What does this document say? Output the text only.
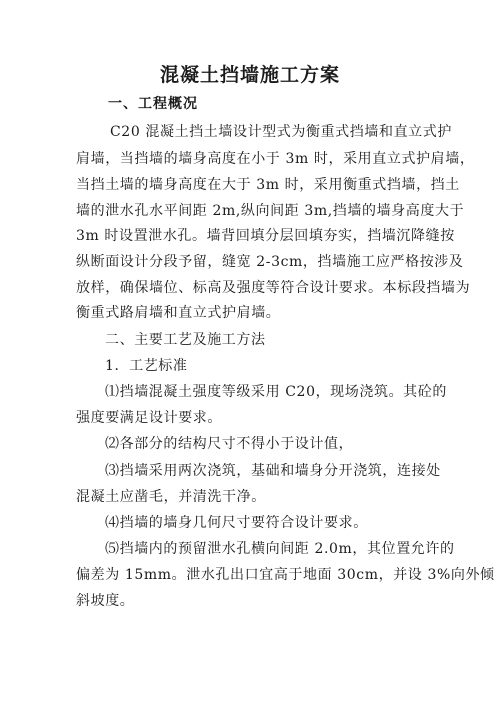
混凝土挡墙施工方案
一、工程概况
C20 混凝土挡土墙设计型式为衡重式挡墙和直立式护
肩墙，当挡墙的墙身高度在小于 3m 时，采用直立式护肩墙，
当挡土墙的墙身高度在大于 3m 时，采用衡重式挡墙，挡土
墙的泄水孔水平间距 2m,纵向间距 3m,挡墙的墙身高度大于
3m 时设置泄水孔。墙背回填分层回填夯实，挡墙沉降缝按
纵断面设计分段予留，缝宽 2-3cm，挡墙施工应严格按涉及
放样，确保墙位、标高及强度等符合设计要求。本标段挡墙为
衡重式路肩墙和直立式护肩墙。
二、主要工艺及施工方法
1．工艺标准
⑴挡墙混凝土强度等级采用 C20，现场浇筑。其砼的
强度要满足设计要求。
⑵各部分的结构尺寸不得小于设计值，
⑶挡墙采用两次浇筑，基础和墙身分开浇筑，连接处
混凝土应凿毛，并清洗干净。
⑷挡墙的墙身几何尺寸要符合设计要求。
⑸挡墙内的预留泄水孔横向间距 2.0m，其位置允许的
偏差为 15mm。泄水孔出口宜高于地面 30cm，并设 3%向外倾
斜坡度。
